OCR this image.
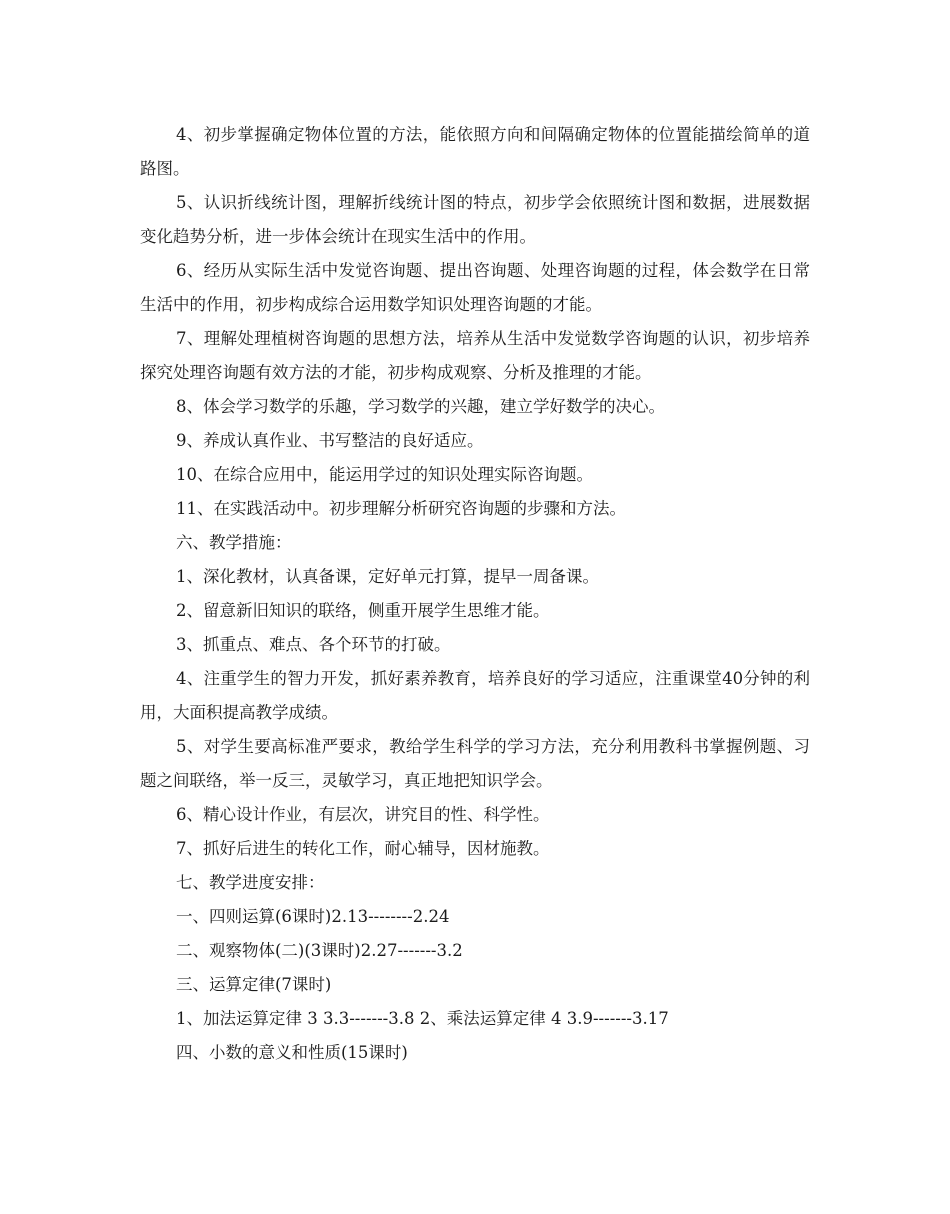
4、初步掌握确定物体位置的方法，能依照方向和间隔确定物体的位置能描绘简单的道路图。

5、认识折线统计图，理解折线统计图的特点，初步学会依照统计图和数据，进展数据变化趋势分析，进一步体会统计在现实生活中的作用。

6、经历从实际生活中发觉咨询题、提出咨询题、处理咨询题的过程，体会数学在日常生活中的作用，初步构成综合运用数学知识处理咨询题的才能。

7、理解处理植树咨询题的思想方法，培养从生活中发觉数学咨询题的认识，初步培养探究处理咨询题有效方法的才能，初步构成观察、分析及推理的才能。

8、体会学习数学的乐趣，学习数学的兴趣，建立学好数学的决心。

9、养成认真作业、书写整洁的良好适应。

10、在综合应用中，能运用学过的知识处理实际咨询题。

11、在实践活动中。初步理解分析研究咨询题的步骤和方法。

六、教学措施：

1、深化教材，认真备课，定好单元打算，提早一周备课。

2、留意新旧知识的联络，侧重开展学生思维才能。

3、抓重点、难点、各个环节的打破。

4、注重学生的智力开发，抓好素养教育，培养良好的学习适应，注重课堂40分钟的利用，大面积提高教学成绩。

5、对学生要高标准严要求，教给学生科学的学习方法，充分利用教科书掌握例题、习题之间联络，举一反三，灵敏学习，真正地把知识学会。

6、精心设计作业，有层次，讲究目的性、科学性。

7、抓好后进生的转化工作，耐心辅导，因材施教。

七、教学进度安排：

一、四则运算(6课时)2.13--------2.24

二、观察物体(二)(3课时)2.27-------3.2

三、运算定律(7课时)

1、加法运算定律 3 3.3-------3.8 2、乘法运算定律 4 3.9-------3.17

四、小数的意义和性质(15课时)
